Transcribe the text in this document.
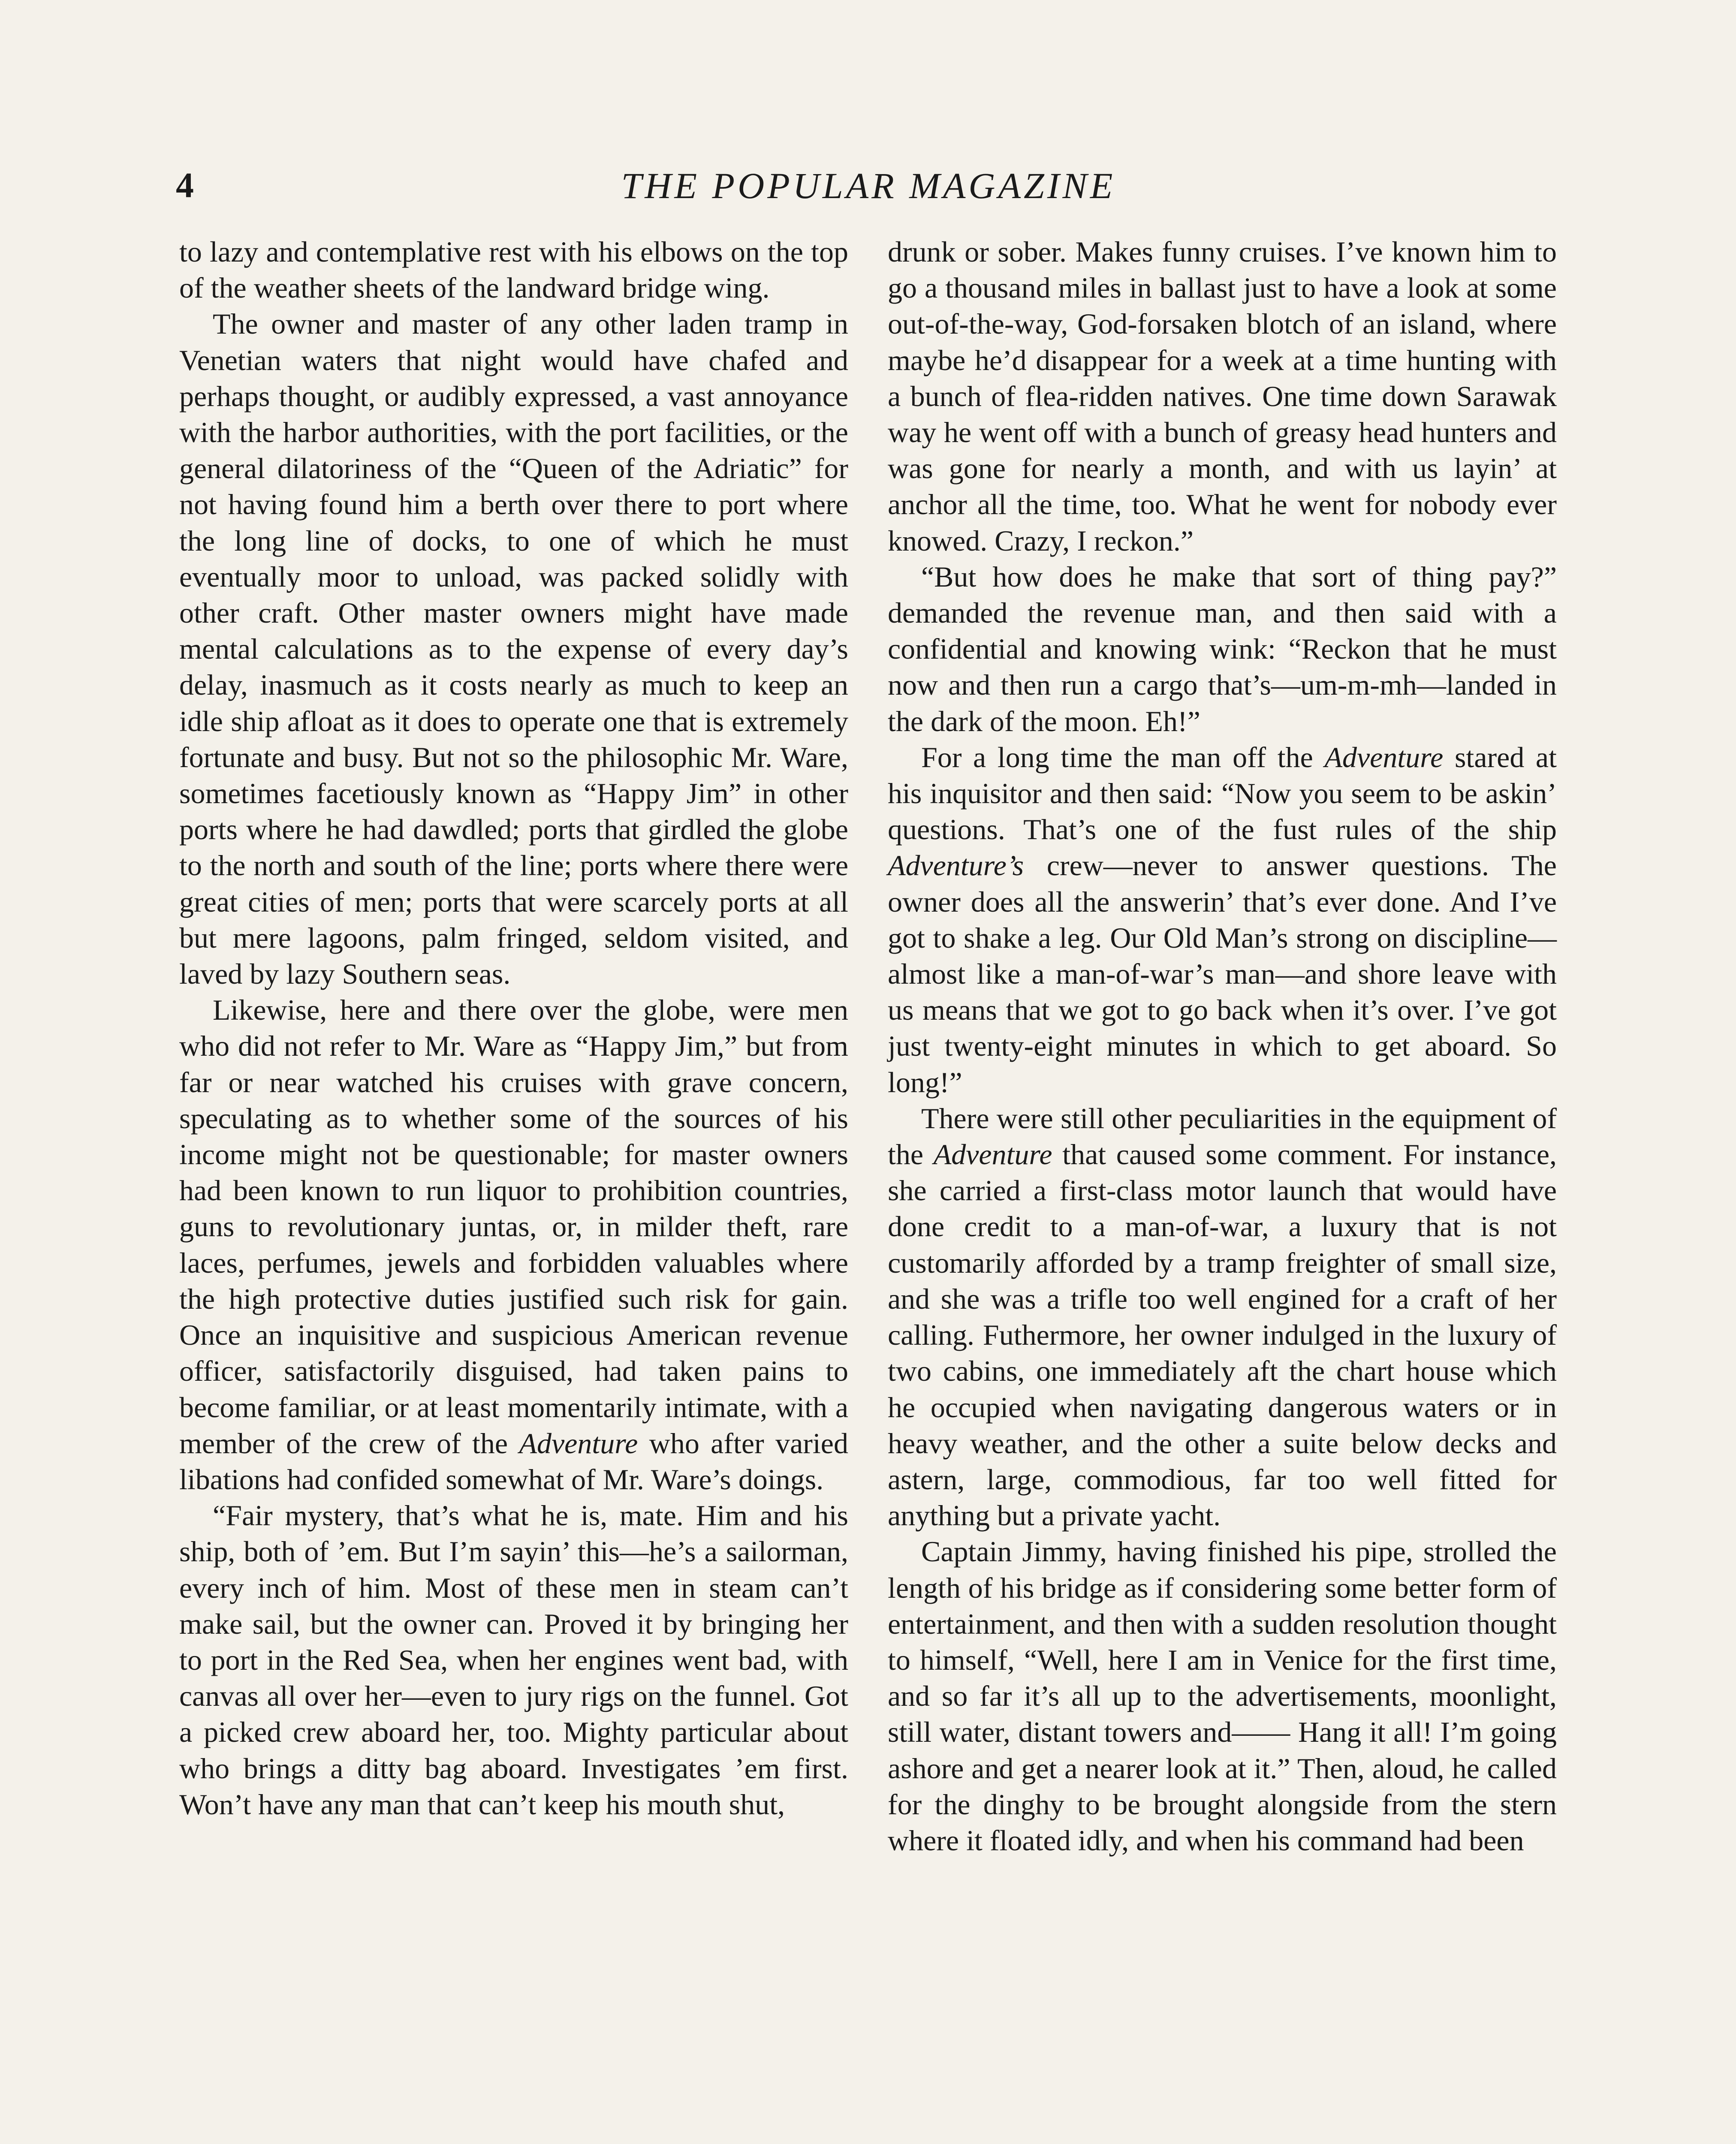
4	THE POPULAR MAGAZINE

to lazy and contemplative rest with his elbows on the top of the weather sheets of the landward bridge wing.

The owner and master of any other laden tramp in Venetian waters that night would have chafed and perhaps thought, or audibly expressed, a vast annoyance with the harbor authorities, with the port facilities, or the general dilatoriness of the “Queen of the Adriatic” for not having found him a berth over there to port where the long line of docks, to one of which he must eventually moor to unload, was packed solidly with other craft. Other master owners might have made mental calculations as to the expense of every day’s delay, inasmuch as it costs nearly as much to keep an idle ship afloat as it does to operate one that is extremely fortunate and busy. But not so the philosophic Mr. Ware, sometimes facetiously known as “Happy Jim” in other ports where he had dawdled; ports that girdled the globe to the north and south of the line; ports where there were great cities of men; ports that were scarcely ports at all but mere lagoons, palm fringed, seldom visited, and laved by lazy Southern seas.

Likewise, here and there over the globe, were men who did not refer to Mr. Ware as “Happy Jim,” but from far or near watched his cruises with grave concern, speculating as to whether some of the sources of his income might not be questionable; for master owners had been known to run liquor to prohibition countries, guns to revolutionary juntas, or, in milder theft, rare laces, perfumes, jewels and forbidden valuables where the high protective duties justified such risk for gain. Once an inquisitive and suspicious American revenue officer, satisfactorily disguised, had taken pains to become familiar, or at least momentarily intimate, with a member of the crew of the Adventure who after varied libations had confided somewhat of Mr. Ware’s doings.

“Fair mystery, that’s what he is, mate. Him and his ship, both of ’em. But I’m sayin’ this—he’s a sailorman, every inch of him. Most of these men in steam can’t make sail, but the owner can. Proved it by bringing her to port in the Red Sea, when her engines went bad, with canvas all over her—even to jury rigs on the funnel. Got a picked crew aboard her, too. Mighty particular about who brings a ditty bag aboard. Investigates ’em first. Won’t have any man that can’t keep his mouth shut,

drunk or sober. Makes funny cruises. I’ve known him to go a thousand miles in ballast just to have a look at some out-of-the-way, God-forsaken blotch of an island, where maybe he’d disappear for a week at a time hunting with a bunch of flea-ridden natives. One time down Sarawak way he went off with a bunch of greasy head hunters and was gone for nearly a month, and with us layin’ at anchor all the time, too. What he went for nobody ever knowed. Crazy, I reckon.”

“But how does he make that sort of thing pay?” demanded the revenue man, and then said with a confidential and knowing wink: “Reckon that he must now and then run a cargo that’s—um-m-mh—landed in the dark of the moon. Eh!”

For a long time the man off the Adventure stared at his inquisitor and then said: “Now you seem to be askin’ questions. That’s one of the fust rules of the ship Adventure’s crew—never to answer questions. The owner does all the answerin’ that’s ever done. And I’ve got to shake a leg. Our Old Man’s strong on discipline—almost like a man-of-war’s man—and shore leave with us means that we got to go back when it’s over. I’ve got just twenty-eight minutes in which to get aboard. So long!”

There were still other peculiarities in the equipment of the Adventure that caused some comment. For instance, she carried a first-class motor launch that would have done credit to a man-of-war, a luxury that is not customarily afforded by a tramp freighter of small size, and she was a trifle too well engined for a craft of her calling. Futhermore, her owner indulged in the luxury of two cabins, one immediately aft the chart house which he occupied when navigating dangerous waters or in heavy weather, and the other a suite below decks and astern, large, commodious, far too well fitted for anything but a private yacht.

Captain Jimmy, having finished his pipe, strolled the length of his bridge as if considering some better form of entertainment, and then with a sudden resolution thought to himself, “Well, here I am in Venice for the first time, and so far it’s all up to the advertisements, moonlight, still water, distant towers and—— Hang it all! I’m going ashore and get a nearer look at it.” Then, aloud, he called for the dinghy to be brought alongside from the stern where it floated idly, and when his command had been
